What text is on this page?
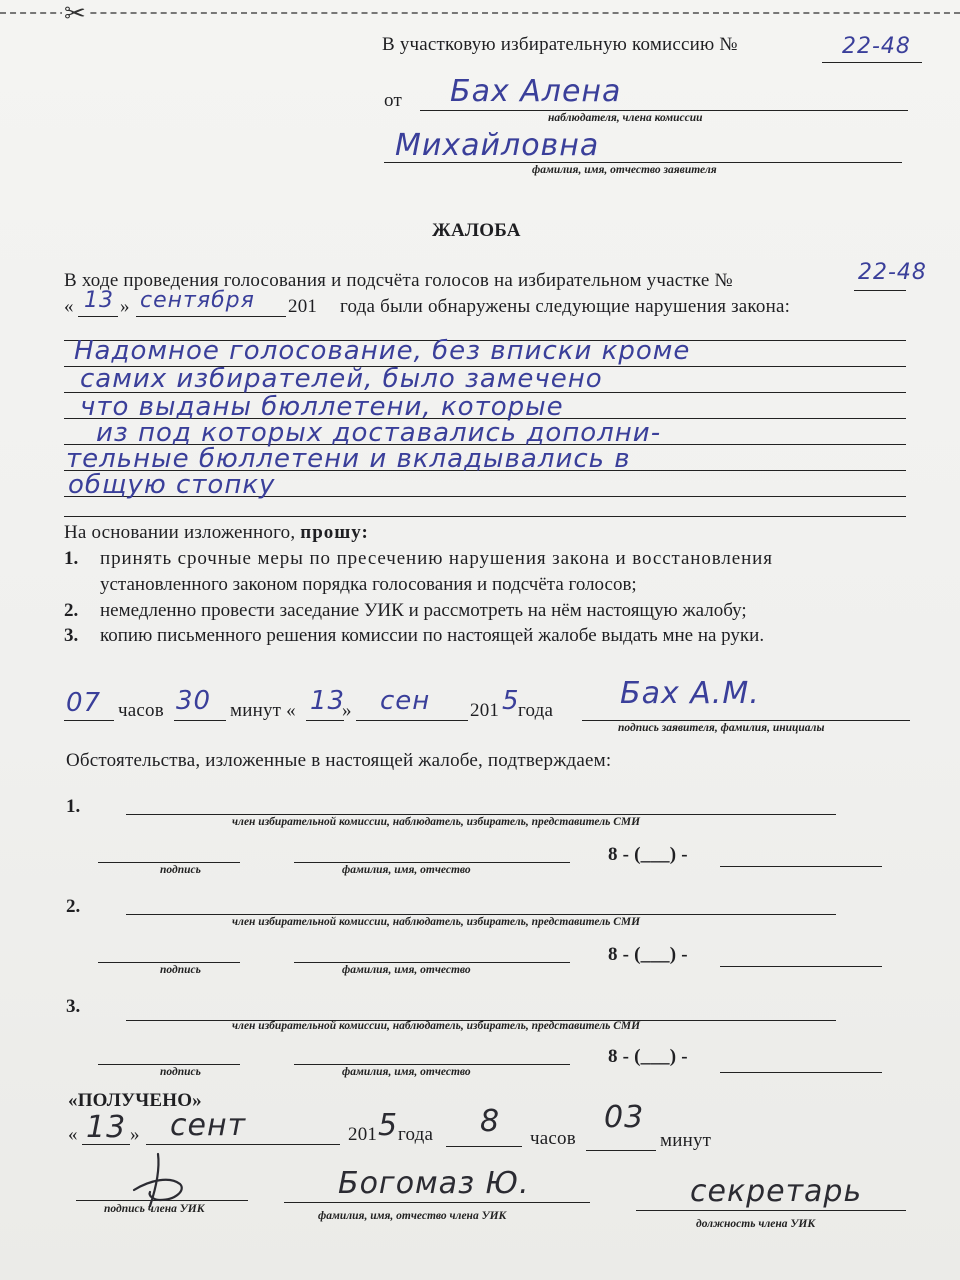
✂
В участковую избирательную комиссию №	22-48
от Бах Алена
наблюдателя, члена комиссии
Михайловна
фамилия, имя, отчество заявителя
ЖАЛОБА
В ходе проведения голосования и подсчёта голосов на избирательном участке №	22-48
« 13 » сентября 201 года были обнаружены следующие нарушения закона:
Надомное голосование, без вписки кроме
самих избирателей, было замечено
что выданы бюллетени, которые
из под которых доставались дополни-
тельные бюллетени и вкладывались в
общую стопку
На основании изложенного, прошу:
1. принять срочные меры по пресечению нарушения закона и восстановления
установленного законом порядка голосования и подсчёта голосов;
2. немедленно провести заседание УИК и рассмотреть на нём настоящую жалобу;
3. копию письменного решения комиссии по настоящей жалобе выдать мне на руки.
07 часов 30 минут « 13
» сен 201 5
года Бах А.М.
подпись заявителя, фамилия, инициалы
Обстоятельства, изложенные в настоящей жалобе, подтверждаем:
1.
член избирательной комиссии, наблюдатель, избиратель, представитель СМИ
подпись	фамилия, имя, отчество
8 - (___) -
2.
член избирательной комиссии, наблюдатель, избиратель, представитель СМИ
подпись	фамилия, имя, отчество
8 - (___) -
3.
член избирательной комиссии, наблюдатель, избиратель, представитель СМИ
подпись	фамилия, имя, отчество
8 - (___) -
«ПОЛУЧЕНО»
« 13 » сент	201 5 года 8 часов
03
минут
подпись члена УИК
Богомаз Ю.
фамилия, имя, отчество члена УИК
секретарь
должность члена УИК
